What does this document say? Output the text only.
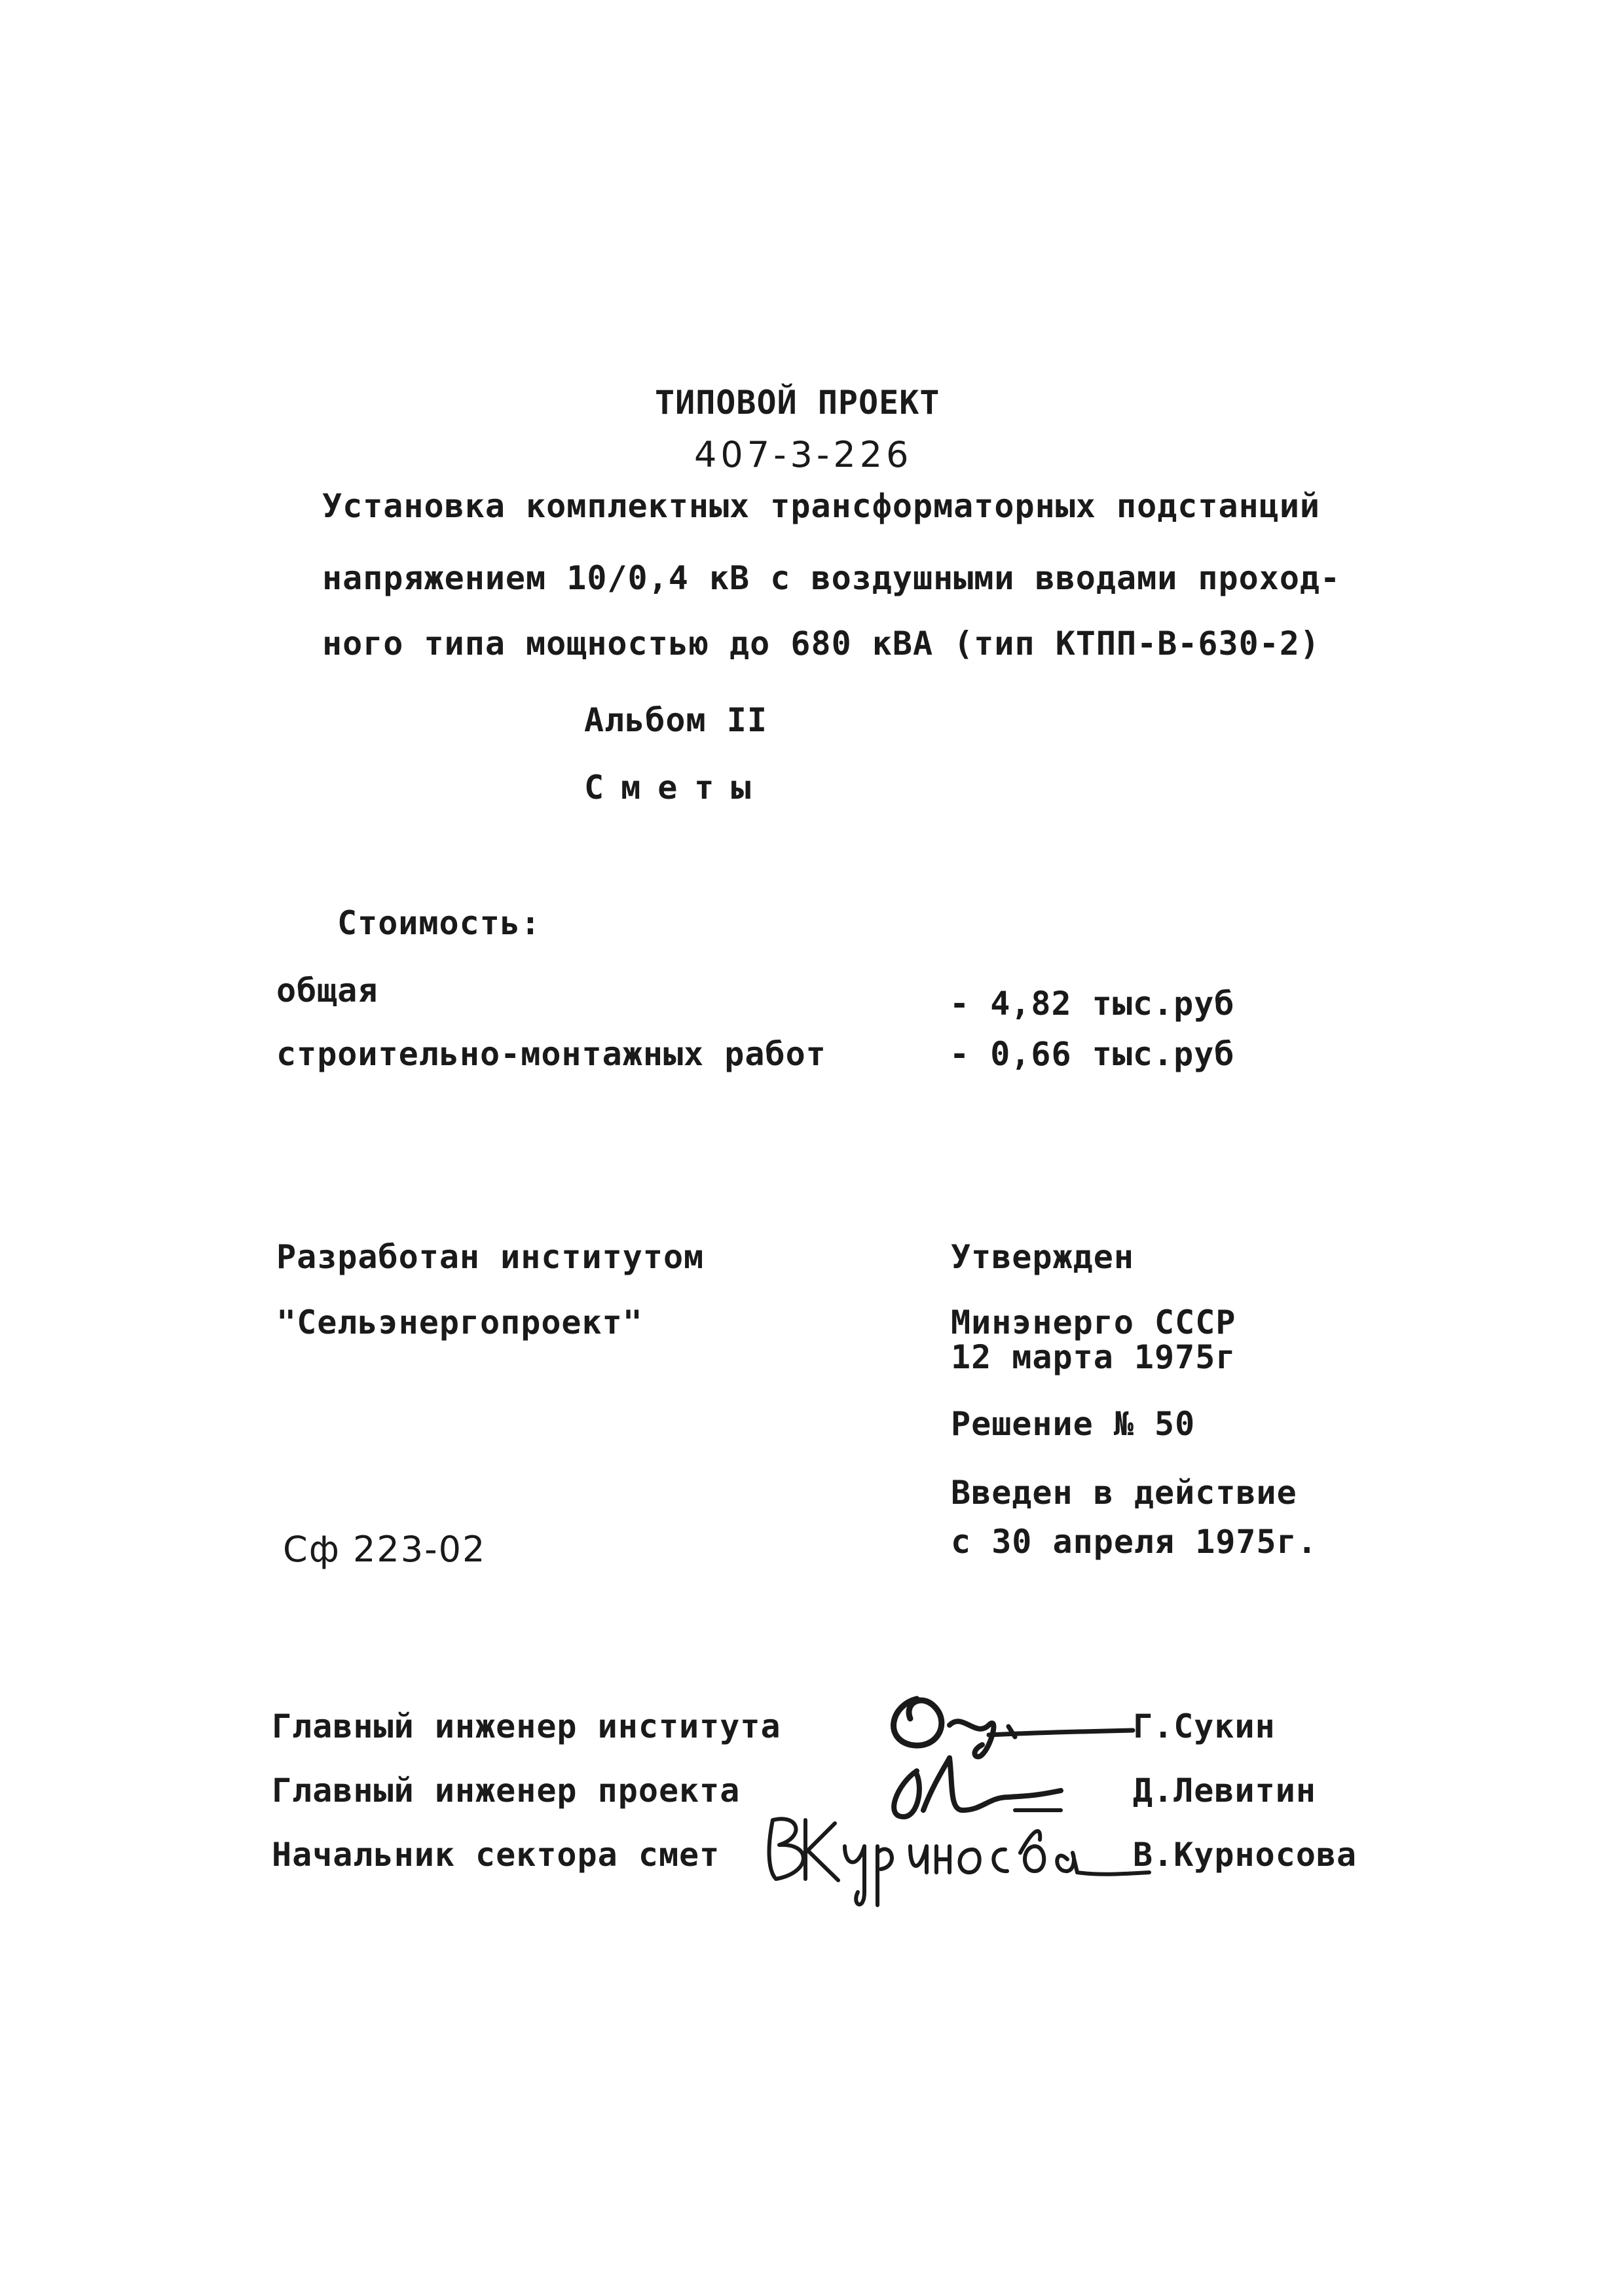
ТИПОВОЙ ПРОЕКТ
407-3-226
Установка комплектных трансформаторных подстанций
напряжением 10/0,4 кВ с воздушными вводами проход-
ного типа мощностью до 680 кВА (тип КТПП-В-630-2)
Альбом II
Сметы
Стоимость:
общая	- 4,82 тыс.руб
строительно-монтажных работ	- 0,66 тыс.руб
Разработан институтом
"Сельэнергопроект"
Утвержден
Минэнерго СССР
12 марта 1975г
Решение № 50
Введен в действие
с 30 апреля 1975г.
Сф 223-02
Главный инженер института	Г.Сукин
Главный инженер проекта	Д.Левитин
Начальник сектора смет	В.Курносова
